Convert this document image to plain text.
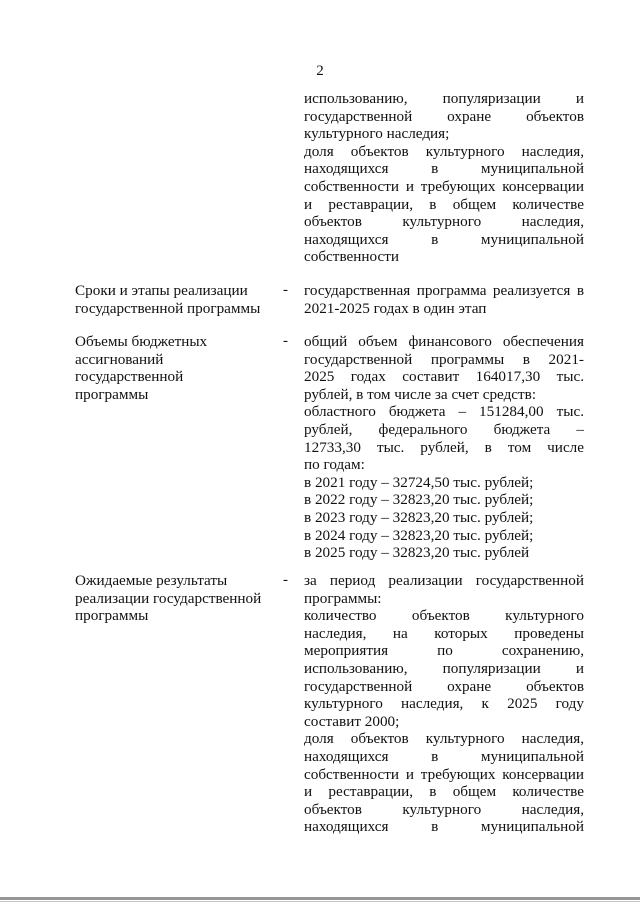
2
использованию, популяризации и
государственной охране объектов
культурного наследия;
доля объектов культурного наследия,
находящихся в муниципальной
собственности и требующих консервации
и реставрации, в общем количестве
объектов культурного наследия,
находящихся в муниципальной
собственности
Сроки и этапы реализации
государственной программы
- государственная программа реализуется в
2021-2025 годах в один этап
Объемы бюджетных
ассигнований
государственной
программы
- общий объем финансового обеспечения
государственной программы в 2021-
2025 годах составит 164017,30 тыс.
рублей, в том числе за счет средств:
областного бюджета – 151284,00 тыс.
рублей, федерального бюджета –
12733,30 тыс. рублей, в том числе
по годам:
в 2021 году – 32724,50 тыс. рублей;
в 2022 году – 32823,20 тыс. рублей;
в 2023 году – 32823,20 тыс. рублей;
в 2024 году – 32823,20 тыс. рублей;
в 2025 году – 32823,20 тыс. рублей
Ожидаемые результаты
реализации государственной
программы
- за период реализации государственной
программы:
количество объектов культурного
наследия, на которых проведены
мероприятия по сохранению,
использованию, популяризации и
государственной охране объектов
культурного наследия, к 2025 году
составит 2000;
доля объектов культурного наследия,
находящихся в муниципальной
собственности и требующих консервации
и реставрации, в общем количестве
объектов культурного наследия,
находящихся в муниципальной
